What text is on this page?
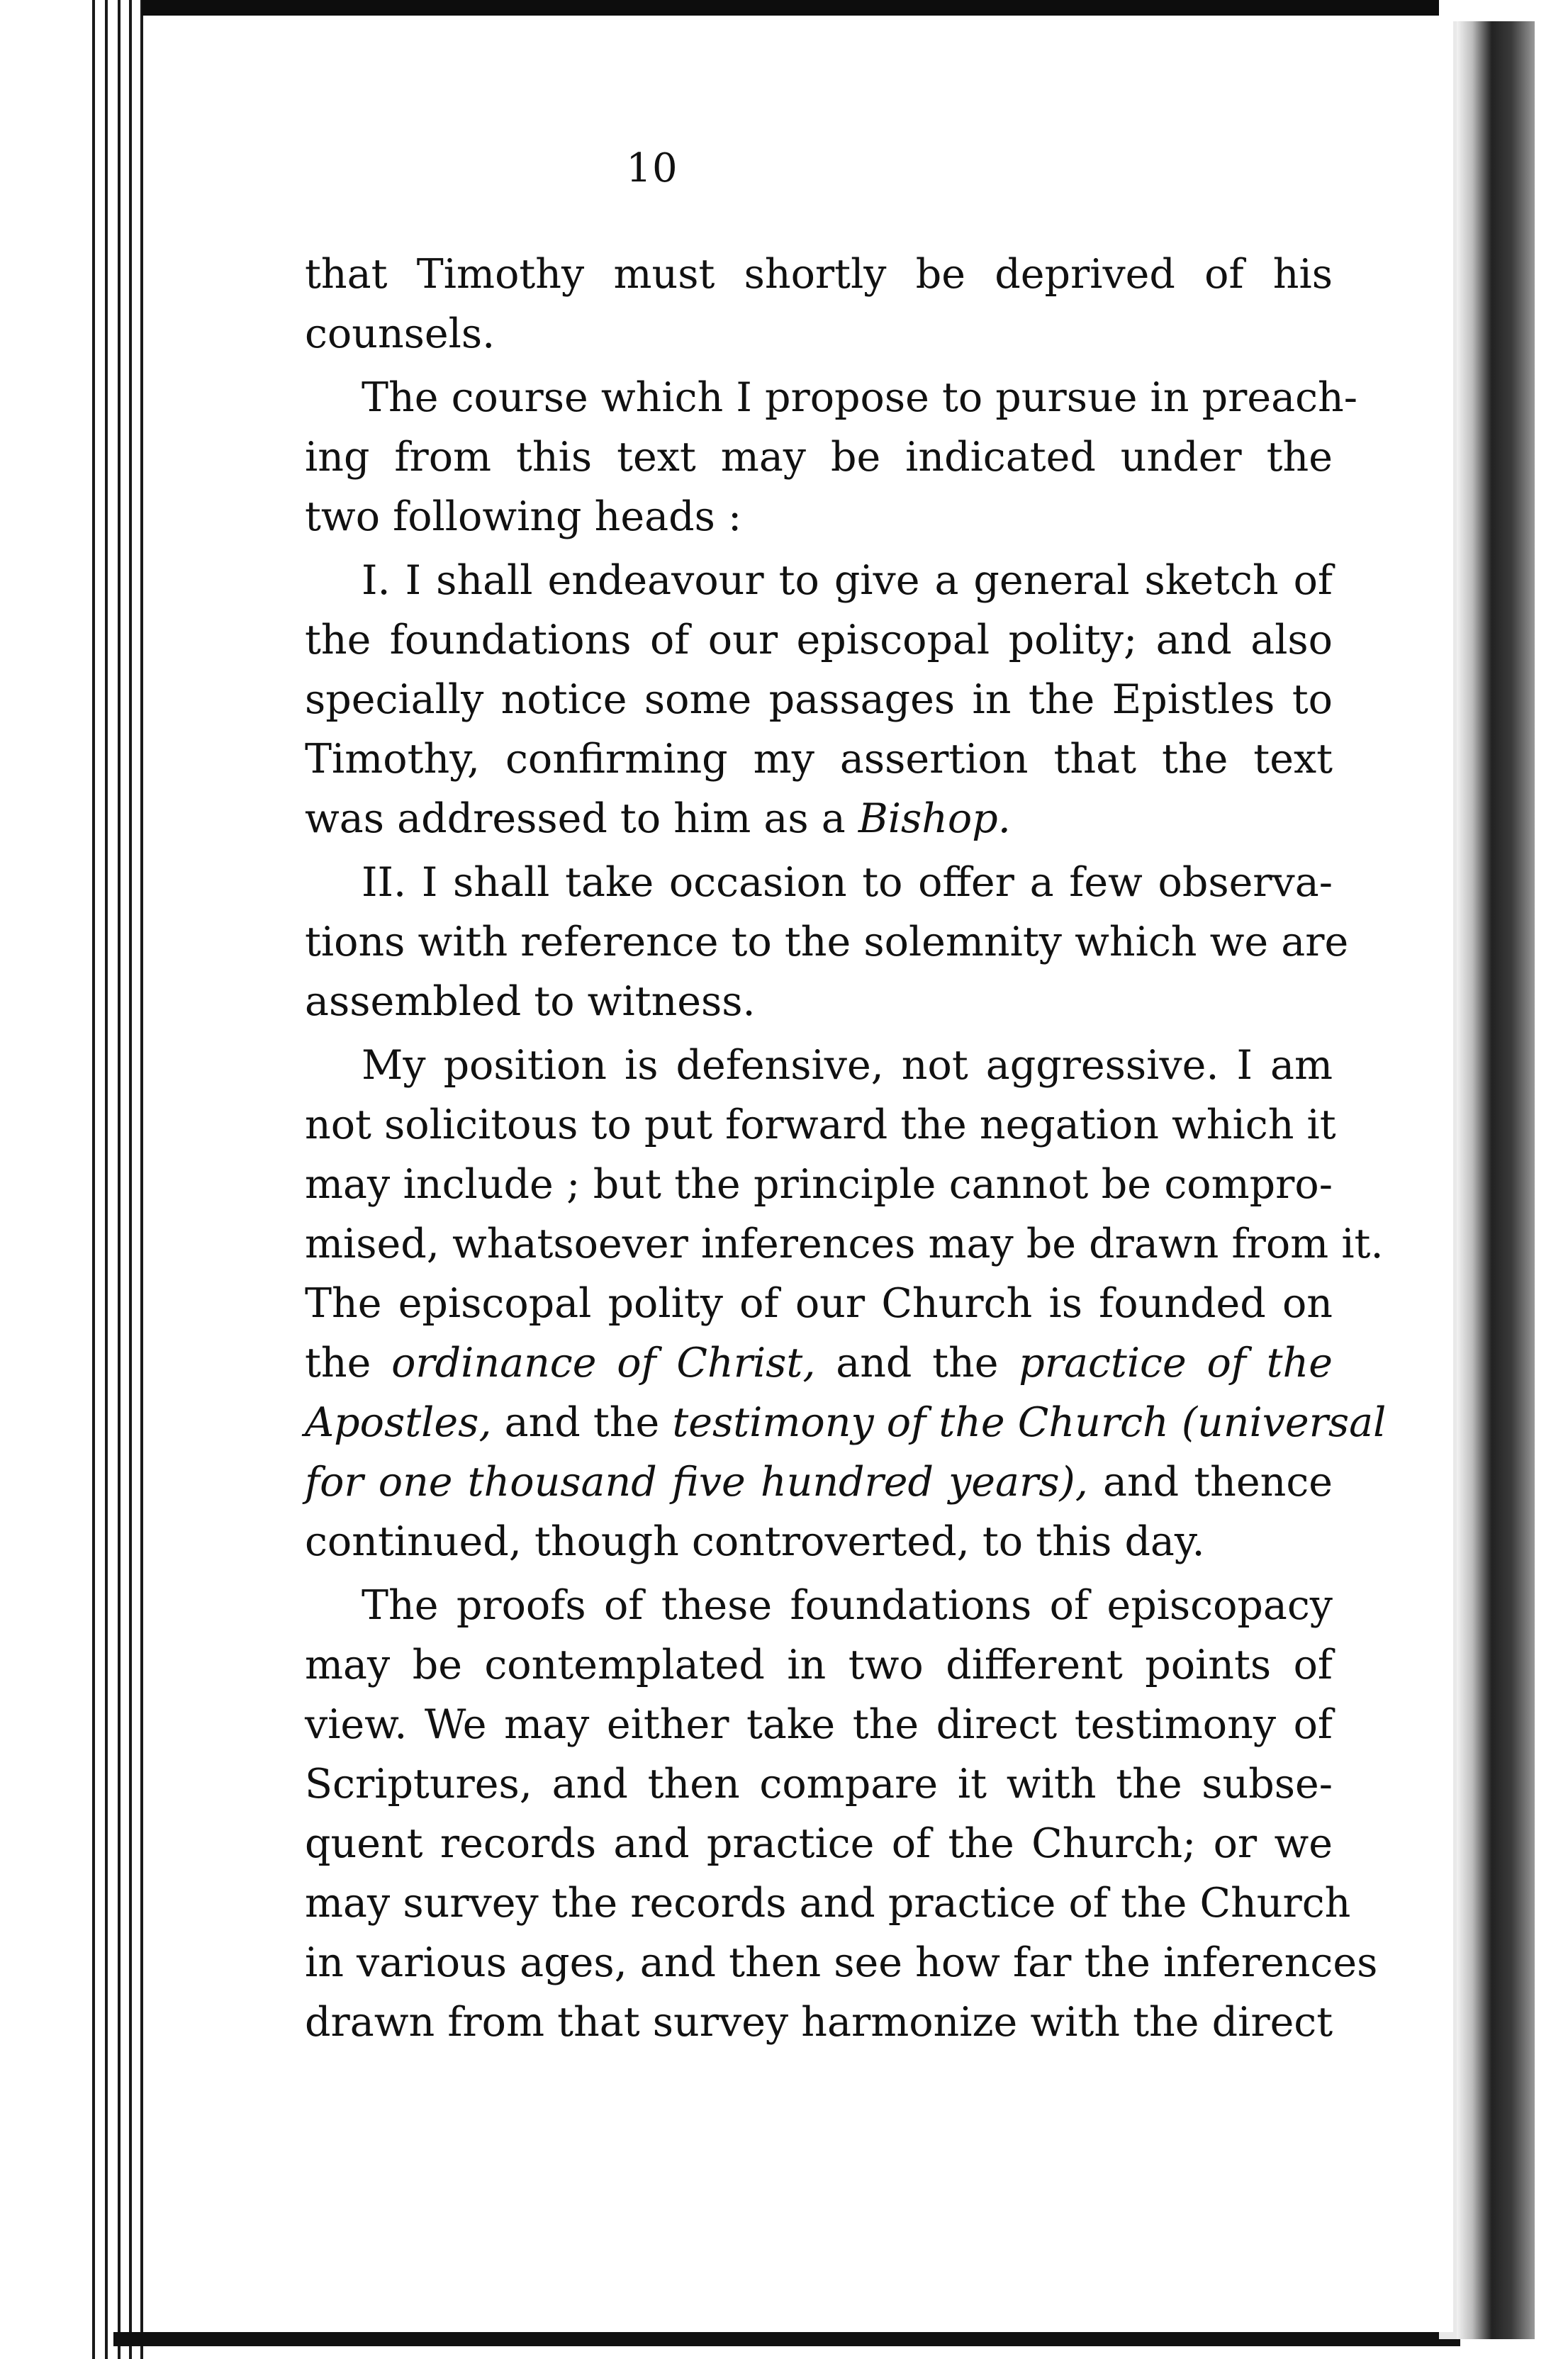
10
that Timothy must shortly be deprived of his
counsels.
The course which I propose to pursue in preach-
ing from this text may be indicated under the
two following heads :
I. I shall endeavour to give a general sketch of
the foundations of our episcopal polity; and also
specially notice some passages in the Epistles to
Timothy, confirming my assertion that the text
was addressed to him as a Bishop.
II. I shall take occasion to offer a few observa-
tions with reference to the solemnity which we are
assembled to witness.
My position is defensive, not aggressive. I am
not solicitous to put forward the negation which it
may include ; but the principle cannot be compro-
mised, whatsoever inferences may be drawn from it.
The episcopal polity of our Church is founded on
the ordinance of Christ, and the practice of the
Apostles, and the testimony of the Church (universal
for one thousand five hundred years), and thence
continued, though controverted, to this day.
The proofs of these foundations of episcopacy
may be contemplated in two different points of
view. We may either take the direct testimony of
Scriptures, and then compare it with the subse-
quent records and practice of the Church; or we
may survey the records and practice of the Church
in various ages, and then see how far the inferences
drawn from that survey harmonize with the direct
